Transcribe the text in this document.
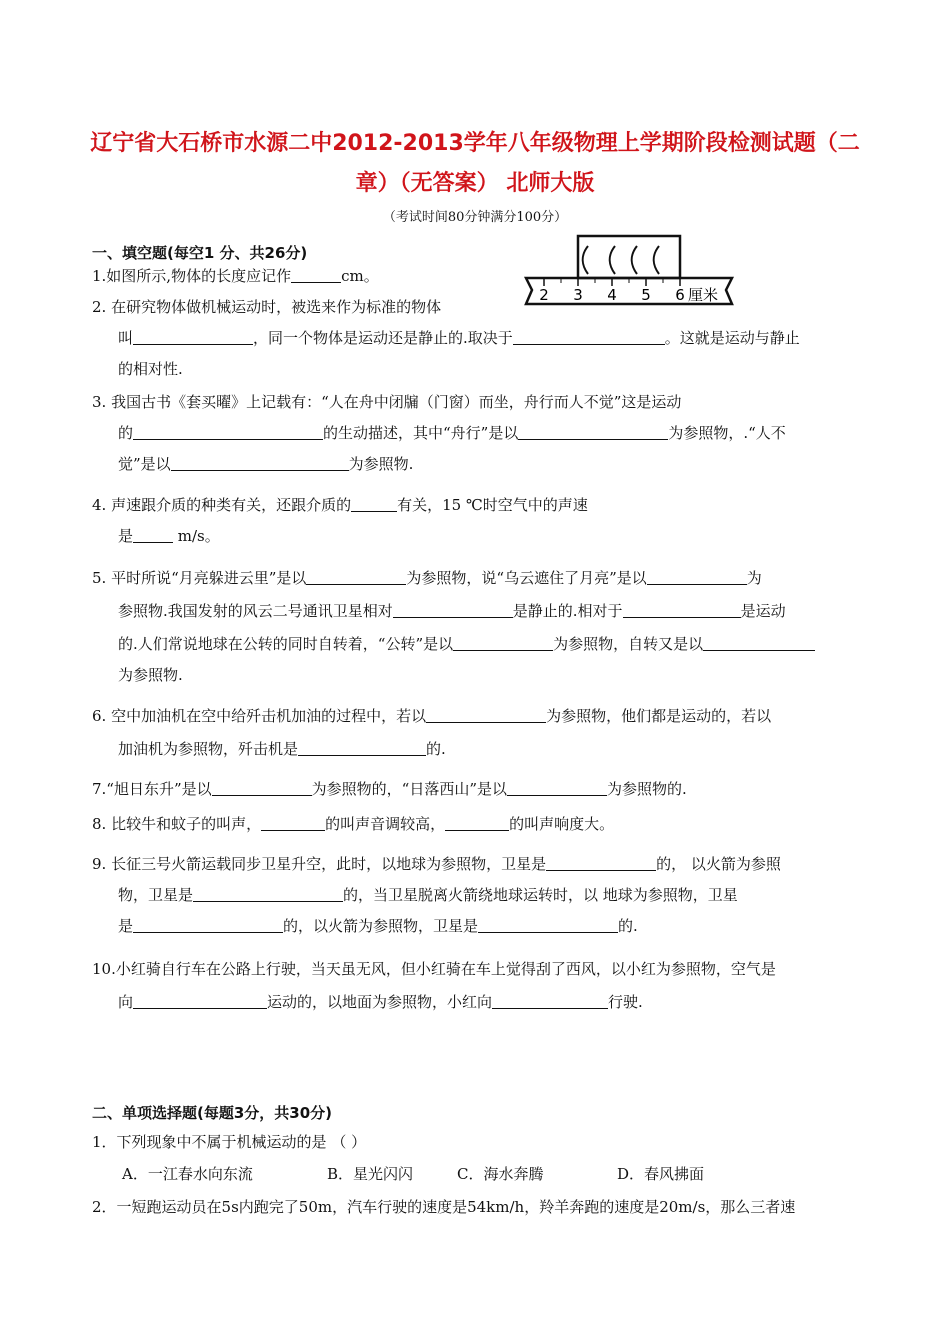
辽宁省大石桥市水源二中2012-2013学年八年级物理上学期阶段检测试题（二
章）（无答案） 北师大版
（考试时间80分钟满分100分）
一、填空题(每空1 分、共26分)
1.如图所示,物体的长度应记作	cm。
2 3 4 5 6 厘米
2. 在研究物体做机械运动时，被选来作为标准的物体
叫	，同一个物体是运动还是静止的.取决于	。这就是运动与静止
的相对性.
3. 我国古书《套买曜》上记载有：“人在舟中闭牖（门窗）而坐，舟行而人不觉”这是运动
的	的生动描述，其中“舟行”是以	为参照物，.“人不
觉”是以	为参照物.
4. 声速跟介质的种类有关，还跟介质的	有关，15 ℃时空气中的声速
是	m/s。
5. 平时所说“月亮躲进云里”是以	为参照物，说“乌云遮住了月亮”是以	为
参照物.我国发射的风云二号通讯卫星相对	是静止的.相对于	是运动
的.人们常说地球在公转的同时自转着，“公转”是以	为参照物，自转又是以
为参照物.
6. 空中加油机在空中给歼击机加油的过程中，若以	为参照物，他们都是运动的，若以
加油机为参照物，歼击机是	的.
7.“旭日东升”是以	为参照物的，“日落西山”是以	为参照物的.
8. 比较牛和蚊子的叫声，	的叫声音调较高，	的叫声响度大。
9. 长征三号火箭运载同步卫星升空，此时，以地球为参照物，卫星是	的， 以火箭为参照
物，卫星是	的，当卫星脱离火箭绕地球运转时，以 地球为参照物，卫星
是	的，以火箭为参照物，卫星是	的.
10.小红骑自行车在公路上行驶，当天虽无风，但小红骑在车上觉得刮了西风，以小红为参照物，空气是
向	运动的，以地面为参照物，小红向	行驶.
二、单项选择题(每题3分，共30分)
1．下列现象中不属于机械运动的是 （ ）
A．一江春水向东流	B．星光闪闪	C．海水奔腾	D．春风拂面
2．一短跑运动员在5s内跑完了50m，汽车行驶的速度是54km/h，羚羊奔跑的速度是20m/s，那么三者速
